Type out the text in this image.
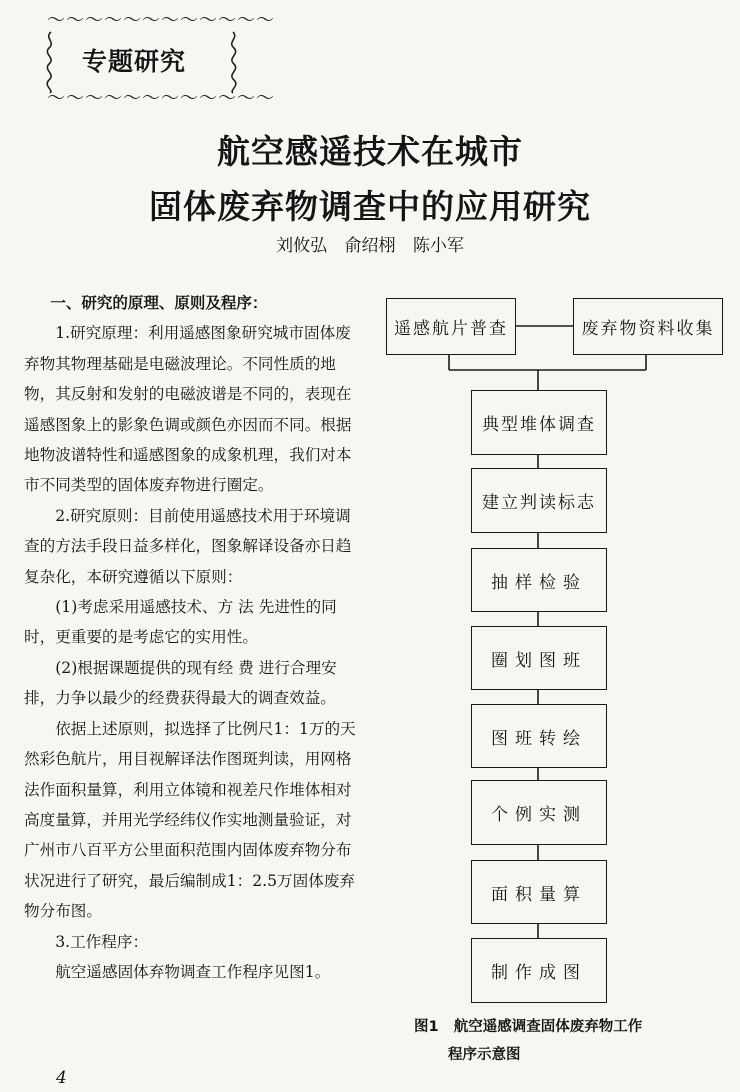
～～～～～～～～～～～～
～～～～～～～～～～～～
专题研究
航空感遥技术在城市
固体废弃物调查中的应用研究
刘攸弘 俞绍栩 陈小军

一、研究的原理、原则及程序：

1.研究原理：利用遥感图象研究城市固体废弃物其物理基础是电磁波理论。不同性质的地物，其反射和发射的电磁波谱是不同的，表现在遥感图象上的影象色调或颜色亦因而不同。根据地物波谱特性和遥感图象的成象机理，我们对本市不同类型的固体废弃物进行圈定。

2.研究原则：目前使用遥感技术用于环境调查的方法手段日益多样化，图象解译设备亦日趋复杂化，本研究遵循以下原则：

(1)考虑采用遥感技术、方 法 先进性的同时，更重要的是考虑它的实用性。

(2)根据课题提供的现有经 费 进行合理安排，力争以最少的经费获得最大的调查效益。

依据上述原则，拟选择了比例尺1：1万的天然彩色航片，用目视解译法作图斑判读，用网格法作面积量算，利用立体镜和视差尺作堆体相对高度量算，并用光学经纬仪作实地测量验证，对广州市八百平方公里面积范围内固体废弃物分布状况进行了研究，最后编制成1：2.5万固体废弃物分布图。

3.工作程序：

航空遥感固体弃物调查工作程序见图1。

遥感航片普查	废弃物资料收集
典型堆体调查
建立判读标志
抽样检验
圈划图班
图班转绘
个例实测
面积量算
制作成图
图1 航空遥感调查固体废弃物工作
程序示意图
4
